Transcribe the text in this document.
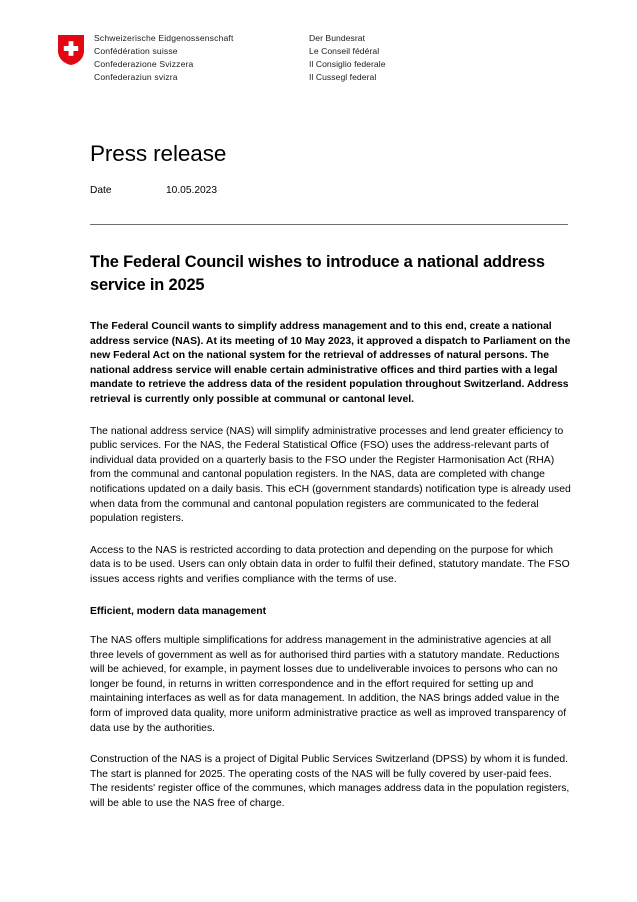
Schweizerische Eidgenossenschaft
Confédération suisse
Confederazione Svizzera
Confederaziun svizra
Der Bundesrat
Le Conseil fédéral
Il Consiglio federale
Il Cussegl federal
Press release
Date	10.05.2023
The Federal Council wishes to introduce a national address service in 2025

The Federal Council wants to simplify address management and to this end, create a national address service (NAS). At its meeting of 10 May 2023, it approved a dispatch to Parliament on the new Federal Act on the national system for the retrieval of addresses of natural persons. The national address service will enable certain administrative offices and third parties with a legal mandate to retrieve the address data of the resident population throughout Switzerland. Address retrieval is currently only possible at communal or cantonal level.

The national address service (NAS) will simplify administrative processes and lend greater efficiency to public services. For the NAS, the Federal Statistical Office (FSO) uses the address-relevant parts of individual data provided on a quarterly basis to the FSO under the Register Harmonisation Act (RHA) from the communal and cantonal population registers. In the NAS, data are completed with change notifications updated on a daily basis. This eCH (government standards) notification type is already used when data from the communal and cantonal population registers are communicated to the federal population registers.

Access to the NAS is restricted according to data protection and depending on the purpose for which data is to be used. Users can only obtain data in order to fulfil their defined, statutory mandate. The FSO issues access rights and verifies compliance with the terms of use.

Efficient, modern data management

The NAS offers multiple simplifications for address management in the administrative agencies at all three levels of government as well as for authorised third parties with a statutory mandate. Reductions will be achieved, for example, in payment losses due to undeliverable invoices to persons who can no longer be found, in returns in written correspondence and in the effort required for setting up and maintaining interfaces as well as for data management. In addition, the NAS brings added value in the form of improved data quality, more uniform administrative practice as well as improved transparency of data use by the authorities.

Construction of the NAS is a project of Digital Public Services Switzerland (DPSS) by whom it is funded. The start is planned for 2025. The operating costs of the NAS will be fully covered by user-paid fees. The residents' register office of the communes, which manages address data in the population registers, will be able to use the NAS free of charge.
